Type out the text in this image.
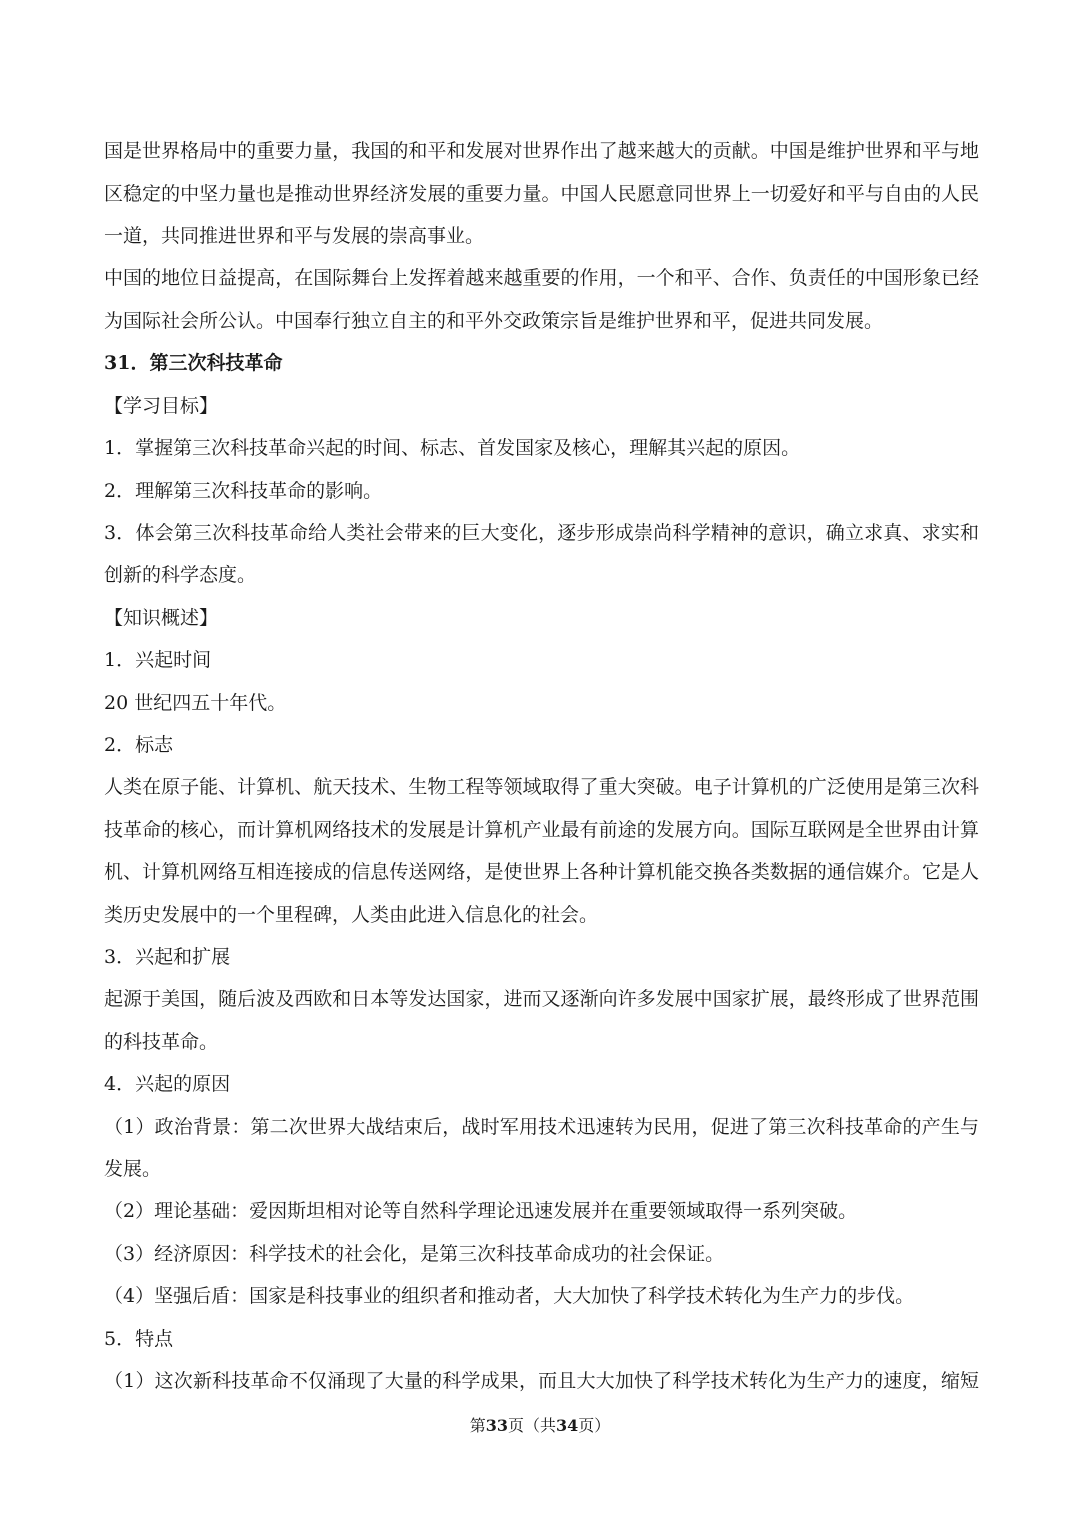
国是世界格局中的重要力量，我国的和平和发展对世界作出了越来越大的贡献。中国是维护世界和平与地
区稳定的中坚力量也是推动世界经济发展的重要力量。中国人民愿意同世界上一切爱好和平与自由的人民
一道，共同推进世界和平与发展的崇高事业。
中国的地位日益提高，在国际舞台上发挥着越来越重要的作用，一个和平、合作、负责任的中国形象已经
为国际社会所公认。中国奉行独立自主的和平外交政策宗旨是维护世界和平，促进共同发展。
31．第三次科技革命
【学习目标】
1．掌握第三次科技革命兴起的时间、标志、首发国家及核心，理解其兴起的原因。
2．理解第三次科技革命的影响。
3．体会第三次科技革命给人类社会带来的巨大变化，逐步形成崇尚科学精神的意识，确立求真、求实和
创新的科学态度。
【知识概述】
1．兴起时间
20 世纪四五十年代。
2．标志
人类在原子能、计算机、航天技术、生物工程等领域取得了重大突破。电子计算机的广泛使用是第三次科
技革命的核心，而计算机网络技术的发展是计算机产业最有前途的发展方向。国际互联网是全世界由计算
机、计算机网络互相连接成的信息传送网络，是使世界上各种计算机能交换各类数据的通信媒介。它是人
类历史发展中的一个里程碑，人类由此进入信息化的社会。
3．兴起和扩展
起源于美国，随后波及西欧和日本等发达国家，进而又逐渐向许多发展中国家扩展，最终形成了世界范围
的科技革命。
4．兴起的原因
（1）政治背景：第二次世界大战结束后，战时军用技术迅速转为民用，促进了第三次科技革命的产生与
发展。
（2）理论基础：爱因斯坦相对论等自然科学理论迅速发展并在重要领域取得一系列突破。
（3）经济原因：科学技术的社会化，是第三次科技革命成功的社会保证。
（4）坚强后盾：国家是科技事业的组织者和推动者，大大加快了科学技术转化为生产力的步伐。
5．特点
（1）这次新科技革命不仅涌现了大量的科学成果，而且大大加快了科学技术转化为生产力的速度，缩短
第33页（共34页）
